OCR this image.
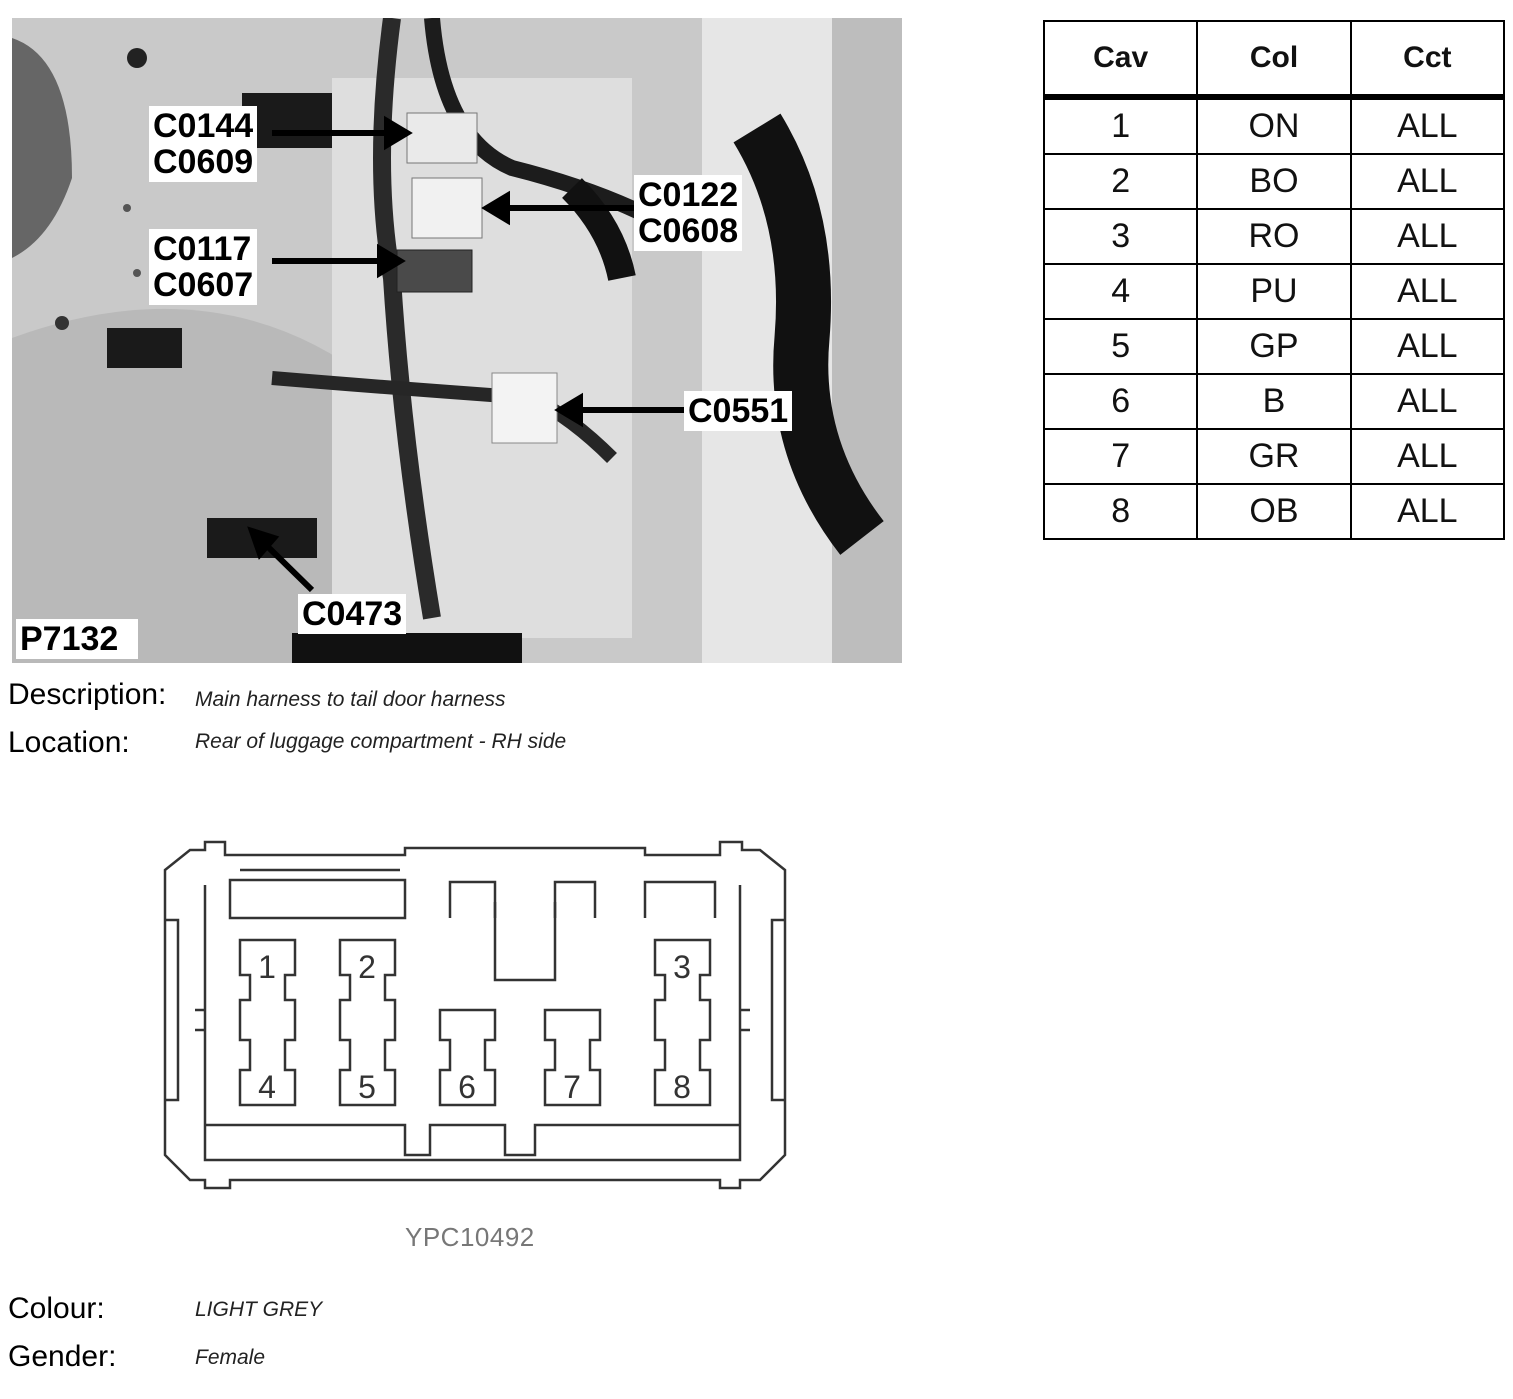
C0144
C0609
C0122
C0608
C0117
C0607
C0551
C0473
P7132
Cav	Col	Cct
1	ON	ALL
2	BO	ALL
3	RO	ALL
4	PU	ALL
5	GP	ALL
6	B	ALL
7	GR	ALL
8	OB	ALL
Description: Main harness to tail door harness
Location:	Rear of luggage compartment - RH side
1	2	3
4	5	6	7	8
YPC10492
Colour:	LIGHT GREY
Gender:	Female
